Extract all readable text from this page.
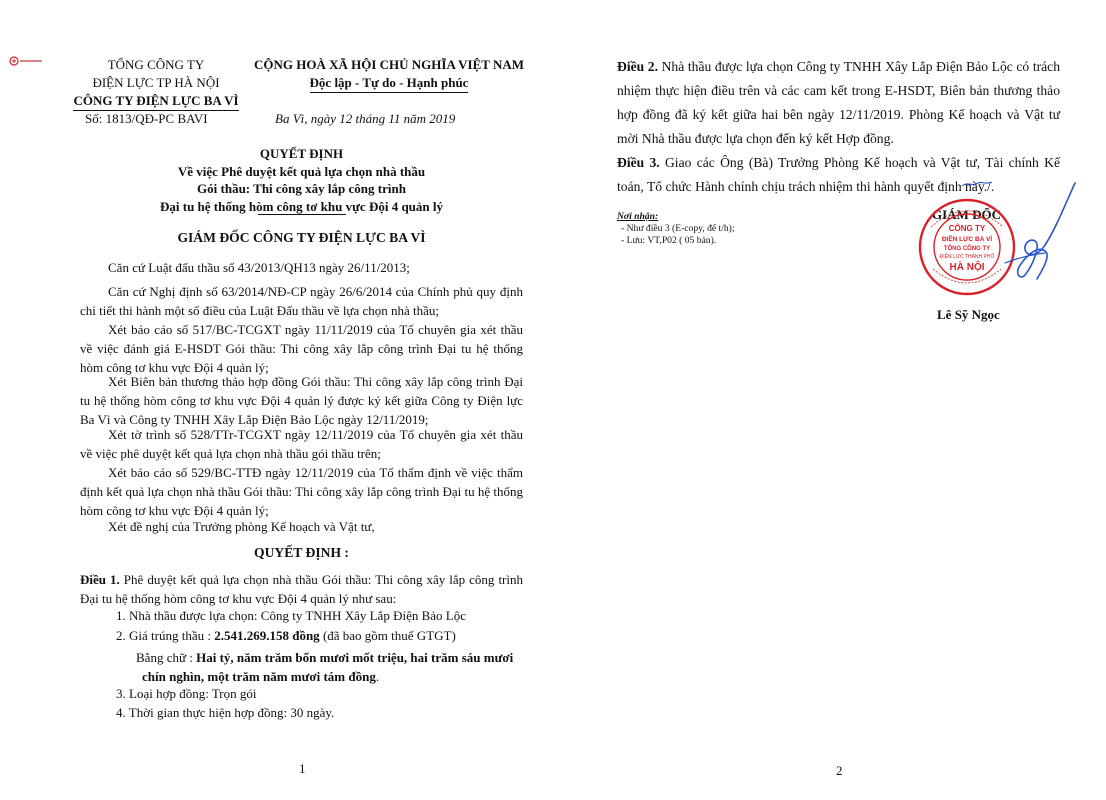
TỔNG CÔNG TY
ĐIỆN LỰC TP HÀ NỘI
CÔNG TY ĐIỆN LỰC BA VÌ
Số: 1813/QĐ-PC BAVI
CỘNG HOÀ XÃ HỘI CHỦ NGHĨA VIỆT NAM
Độc lập - Tự do - Hạnh phúc
Ba Vì, ngày 12 tháng 11 năm 2019
QUYẾT ĐỊNH
Về việc Phê duyệt kết quả lựa chọn nhà thầu
Gói thầu: Thi công xây lắp công trình
Đại tu hệ thống hòm công tơ khu vực Đội 4 quản lý
GIÁM ĐỐC CÔNG TY ĐIỆN LỰC BA VÌ
Căn cứ Luật đấu thầu số 43/2013/QH13 ngày 26/11/2013;
Căn cứ Nghị định số 63/2014/NĐ-CP ngày 26/6/2014 của Chính phủ quy định chi tiết thi hành một số điều của Luật Đấu thầu về lựa chọn nhà thầu;
Xét báo cáo số 517/BC-TCGXT ngày 11/11/2019 của Tổ chuyên gia xét thầu về việc đánh giá E-HSDT Gói thầu: Thi công xây lắp công trình Đại tu hệ thống hòm công tơ khu vực Đội 4 quản lý;
Xét Biên bản thương thảo hợp đồng Gói thầu: Thi công xây lắp công trình Đại tu hệ thống hòm công tơ khu vực Đội 4 quản lý được ký kết giữa Công ty Điện lực Ba Vì và Công ty TNHH Xây Lắp Điện Bảo Lộc ngày 12/11/2019;
Xét tờ trình số 528/TTr-TCGXT ngày 12/11/2019 của Tổ chuyên gia xét thầu về việc phê duyệt kết quả lựa chọn nhà thầu gói thầu trên;
Xét báo cáo số 529/BC-TTĐ ngày 12/11/2019 của Tổ thẩm định về việc thẩm định kết quả lựa chọn nhà thầu Gói thầu: Thi công xây lắp công trình Đại tu hệ thống hòm công tơ khu vực Đội 4 quản lý;
Xét đề nghị của Trưởng phòng Kế hoạch và Vật tư,
QUYẾT ĐỊNH :
Điều 1. Phê duyệt kết quả lựa chọn nhà thầu Gói thầu: Thi công xây lắp công trình Đại tu hệ thống hòm công tơ khu vực Đội 4 quản lý như sau:
1. Nhà thầu được lựa chọn: Công ty TNHH Xây Lắp Điện Bảo Lộc
2. Giá trúng thầu : 2.541.269.158 đồng (đã bao gồm thuế GTGT)
Bằng chữ : Hai tỷ, năm trăm bốn mươi mốt triệu, hai trăm sáu mươi
chín nghìn, một trăm năm mươi tám đồng.
3. Loại hợp đồng: Trọn gói
4. Thời gian thực hiện hợp đồng: 30 ngày.
1
Điều 2. Nhà thầu được lựa chọn Công ty TNHH Xây Lắp Điện Bảo Lộc có trách nhiệm thực hiện điều trên và các cam kết trong E-HSDT, Biên bản thương thảo hợp đồng đã ký kết giữa hai bên ngày 12/11/2019. Phòng Kế hoạch và Vật tư mời Nhà thầu được lựa chọn đến ký kết Hợp đồng.
Điều 3. Giao các Ông (Bà) Trưởng Phòng Kế hoạch và Vật tư, Tài chính Kế toán, Tổ chức Hành chính chịu trách nhiệm thi hành quyết định này./.
Nơi nhận:
- Như điều 3 (E-copy, để t/h);
- Lưu: VT,P02 ( 05 bản).
GIÁM ĐỐC
CÔNG TY
ĐIỆN LỰC BA VÌ
TỔNG CÔNG TY
ĐIỆN LỰC THÀNH PHỐ
HÀ NỘI
Lê Sỹ Ngọc
2
